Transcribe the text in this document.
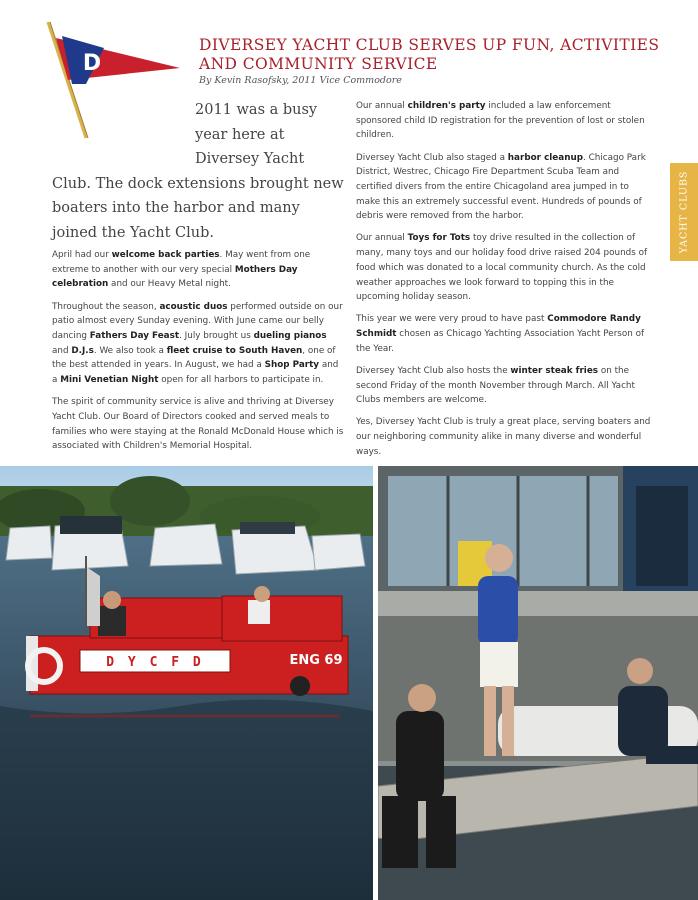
D
DIVERSEY YACHT CLUB SERVES UP FUN, ACTIVITIES AND COMMUNITY SERVICE
By Kevin Rasofsky, 2011 Vice Commodore

2011 was a busy year here at Diversey Yacht Club. The dock extensions brought new boaters into the harbor and many joined the Yacht Club.

April had our welcome back parties. May went from one extreme to another with our very special Mothers Day celebration and our Heavy Metal night.

Throughout the season, acoustic duos performed outside on our patio almost every Sunday evening. With June came our belly dancing Fathers Day Feast. July brought us dueling pianos and D.J.s. We also took a fleet cruise to South Haven, one of the best attended in years. In August, we had a Shop Party and a Mini Venetian Night open for all harbors to participate in.

The spirit of community service is alive and thriving at Diversey Yacht Club. Our Board of Directors cooked and served meals to families who were staying at the Ronald McDonald House which is associated with Children's Memorial Hospital.

Our annual children's party included a law enforcement sponsored child ID registration for the prevention of lost or stolen children.

Diversey Yacht Club also staged a harbor cleanup. Chicago Park District, Westrec, Chicago Fire Department Scuba Team and certified divers from the entire Chicagoland area jumped in to make this an extremely successful event. Hundreds of pounds of debris were removed from the harbor.

Our annual Toys for Tots toy drive resulted in the collection of many, many toys and our holiday food drive raised 204 pounds of food which was donated to a local community church. As the cold weather approaches we look forward to topping this in the upcoming holiday season.

This year we were very proud to have past Commodore Randy Schmidt chosen as Chicago Yachting Association Yacht Person of the Year.

Diversey Yacht Club also hosts the winter steak fries on the second Friday of the month November through March. All Yacht Clubs members are welcome.

Yes, Diversey Yacht Club is truly a great place, serving boaters and our neighboring community alike in many diverse and wonderful ways.

YACHT CLUBS
D Y C F D	ENG 69
